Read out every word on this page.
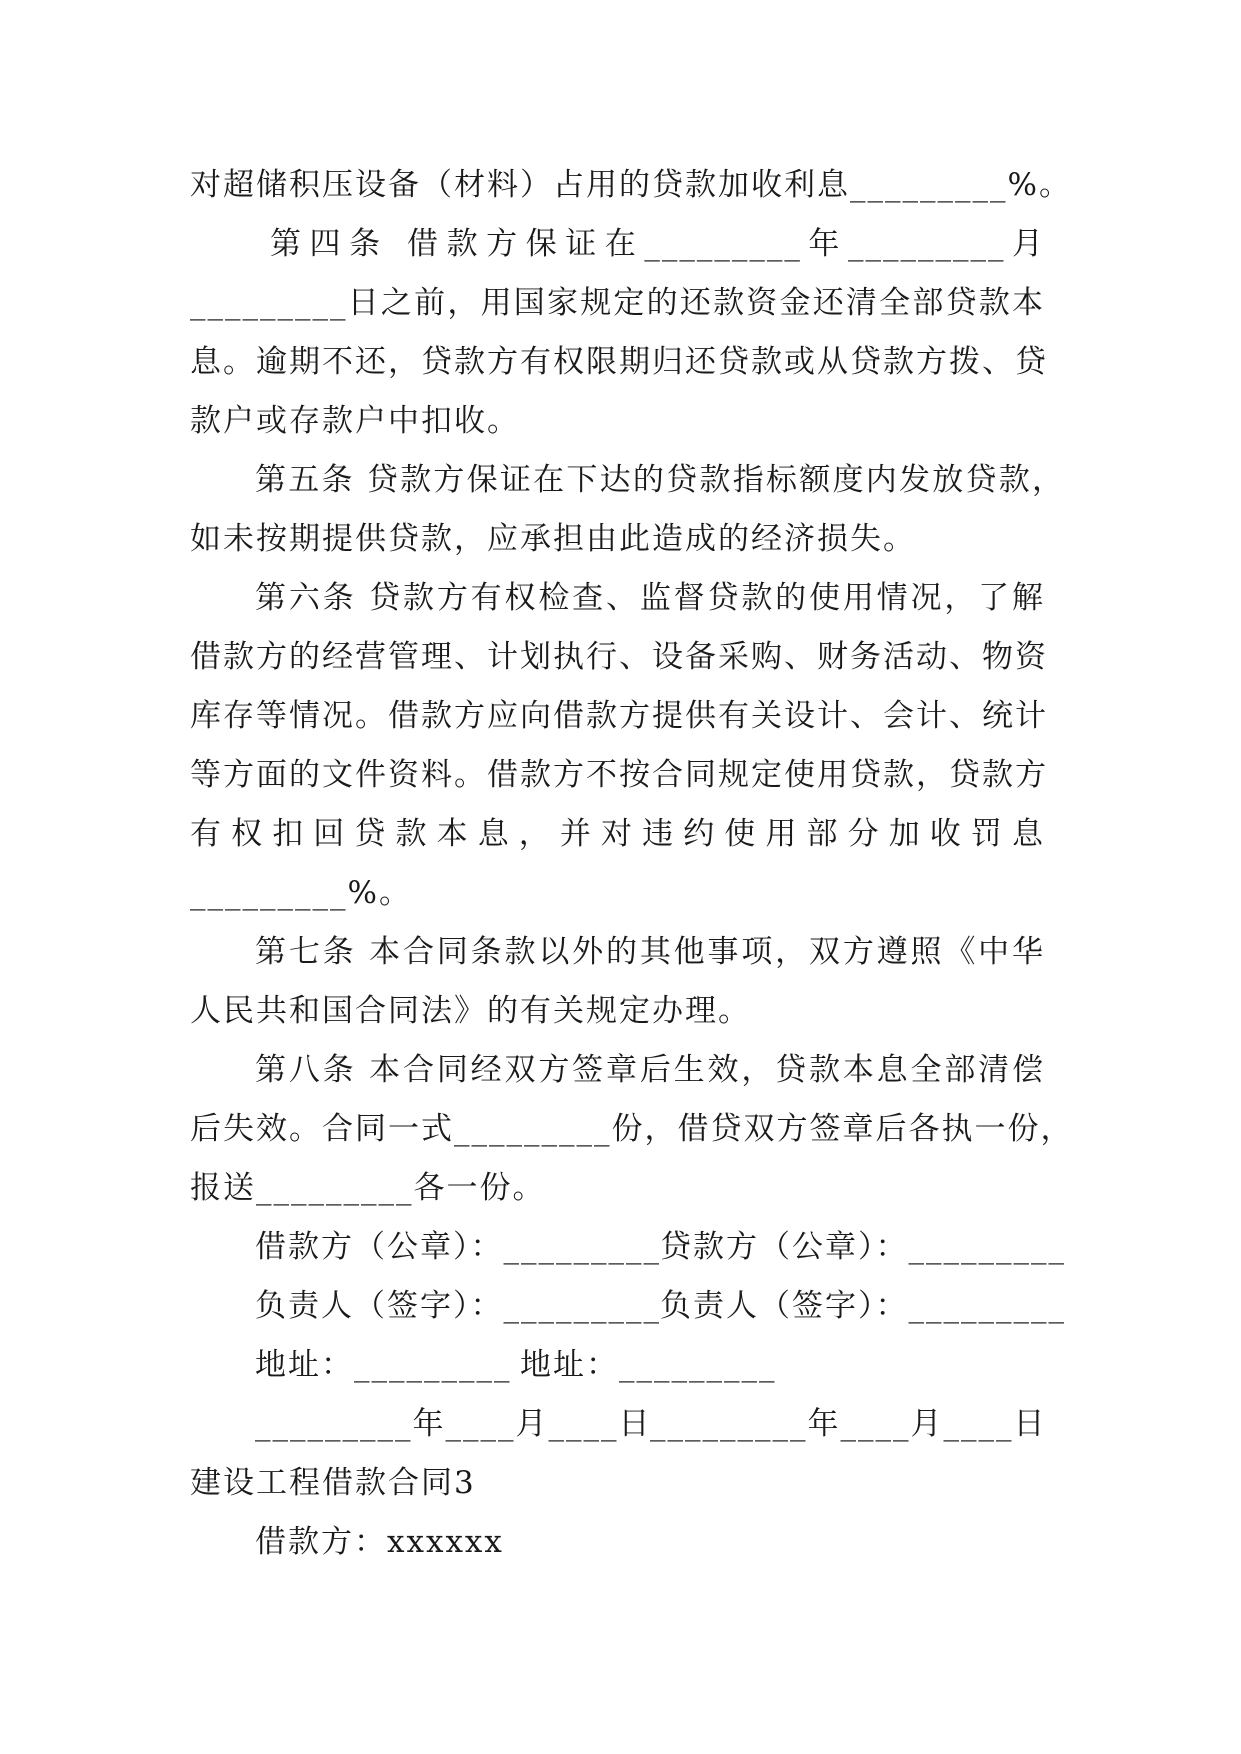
对超储积压设备（材料）占用的贷款加收利息_________%。
第四条 借款方保证在_________年_________月
_________日之前，用国家规定的还款资金还清全部贷款本
息。逾期不还，贷款方有权限期归还贷款或从贷款方拨、贷
款户或存款户中扣收。
第五条 贷款方保证在下达的贷款指标额度内发放贷款，
如未按期提供贷款，应承担由此造成的经济损失。
第六条 贷款方有权检查、监督贷款的使用情况，了解
借款方的经营管理、计划执行、设备采购、财务活动、物资
库存等情况。借款方应向借款方提供有关设计、会计、统计
等方面的文件资料。借款方不按合同规定使用贷款，贷款方
有权扣回贷款本息，并对违约使用部分加收罚息
_________%。
第七条 本合同条款以外的其他事项，双方遵照《中华
人民共和国合同法》的有关规定办理。
第八条 本合同经双方签章后生效，贷款本息全部清偿
后失效。合同一式_________份，借贷双方签章后各执一份，
报送_________各一份。
借款方（公章）：_________ 贷款方（公章）：_________
负责人（签字）：_________ 负责人（签字）：_________
地址：_________ 地址：_________
_________年____月____日
_________年____月____日
建设工程借款合同3
借款方：xxxxxx
